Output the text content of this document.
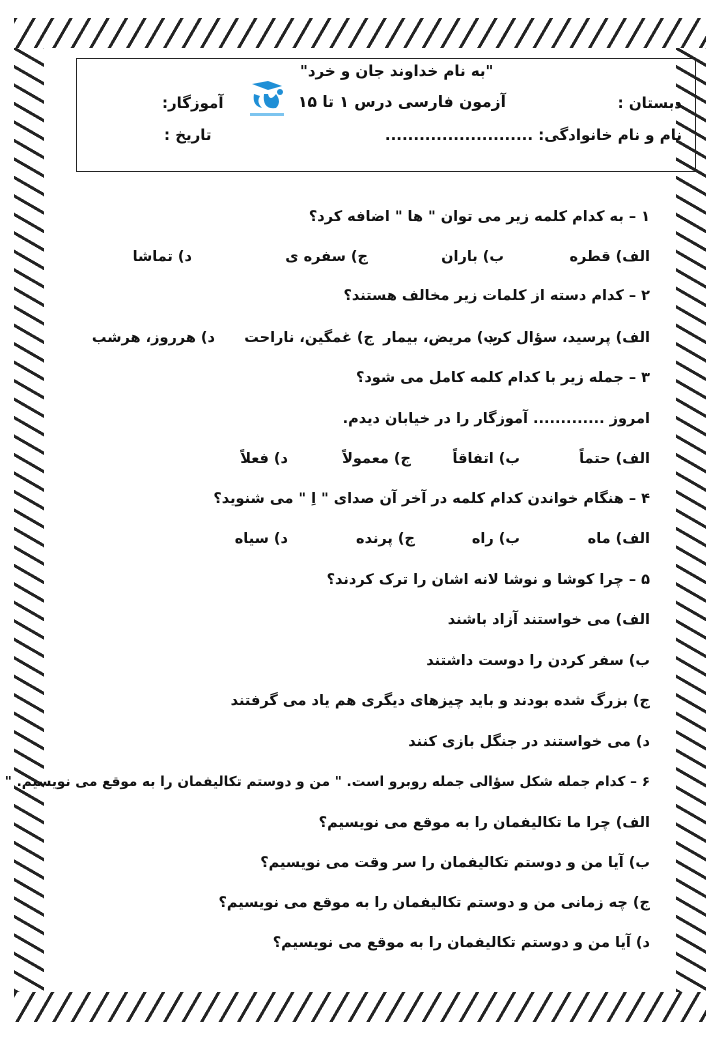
"به نام خداوند جان و خرد"
دبستان :
آزمون فارسی درس ۱ تا ۱۵
آموزگار:
نام و نام خانوادگی: ..........................
تاریخ :
۱ – به کدام کلمه زیر می توان " ها " اضافه کرد؟
الف) قطره
ب) باران
ج) سفره ی
د) تماشا
۲ – کدام دسته از کلمات زیر مخالف هستند؟
الف) پرسید، سؤال کرد
ب) مریض، بیمار
ج) غمگین، ناراحت
د) هرروز، هرشب
۳ – جمله زیر با کدام کلمه کامل می شود؟
امروز ............. آموزگار را در خیابان دیدم.
الف) حتماً
ب) اتفاقاً
ج) معمولاً
د) فعلاً
۴ – هنگام خواندن کدام کلمه در آخر آن صدای " اِ " می شنوید؟
الف) ماه
ب) راه
ج) پرنده
د) سیاه
۵ – چرا کوشا و نوشا لانه اشان را ترک کردند؟
الف) می خواستند آزاد باشند
ب) سفر کردن را دوست داشتند
ج) بزرگ شده بودند و باید چیزهای دیگری هم یاد می گرفتند
د) می خواستند در جنگل بازی کنند
۶ – کدام جمله شکل سؤالی جمله روبرو است. " من و دوستم تکالیفمان را به موقع می نویسیم. "
الف) چرا ما تکالیفمان را به موقع می نویسیم؟
ب) آیا من و دوستم تکالیفمان را سر وقت می نویسیم؟
ج) چه زمانی من و دوستم تکالیفمان را به موقع می نویسیم؟
د) آیا من و دوستم تکالیفمان را به موقع می نویسیم؟
